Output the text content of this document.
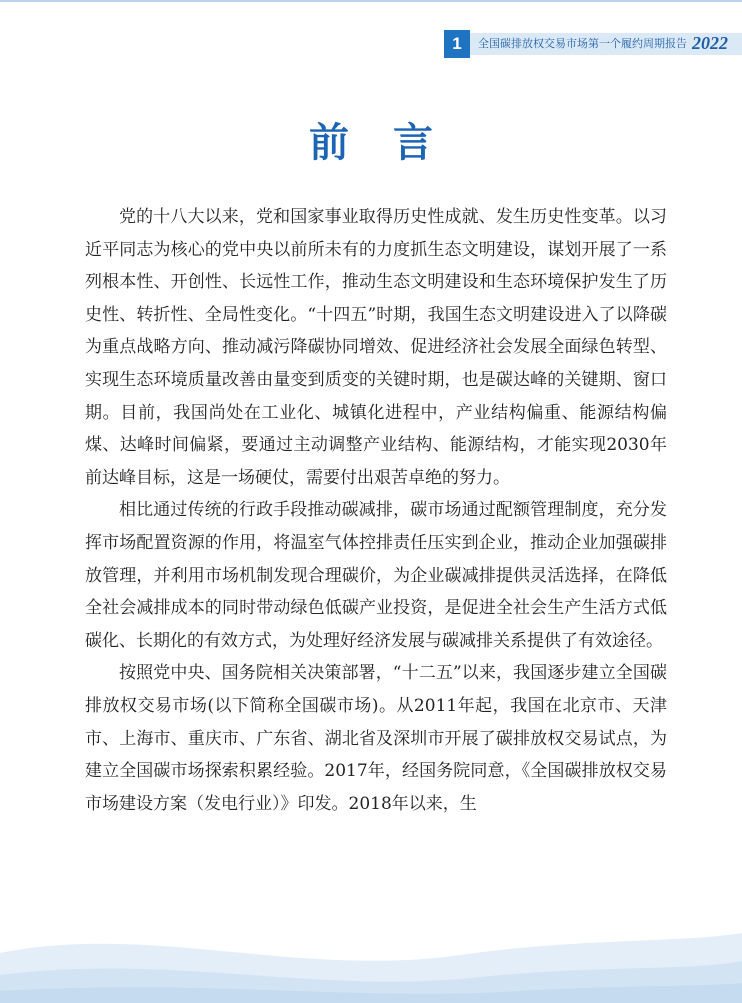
1	全国碳排放权交易市场第一个履约周期报告 2022
前言

党的十八大以来，党和国家事业取得历史性成就、发生历史性变革。以习近平同志为核心的党中央以前所未有的力度抓生态文明建设，谋划开展了一系列根本性、开创性、长远性工作，推动生态文明建设和生态环境保护发生了历史性、转折性、全局性变化。“十四五”时期，我国生态文明建设进入了以降碳为重点战略方向、推动减污降碳协同增效、促进经济社会发展全面绿色转型、实现生态环境质量改善由量变到质变的关键时期，也是碳达峰的关键期、窗口期。目前，我国尚处在工业化、城镇化进程中，产业结构偏重、能源结构偏煤、达峰时间偏紧，要通过主动调整产业结构、能源结构，才能实现2030年前达峰目标，这是一场硬仗，需要付出艰苦卓绝的努力。

相比通过传统的行政手段推动碳减排，碳市场通过配额管理制度，充分发挥市场配置资源的作用，将温室气体控排责任压实到企业，推动企业加强碳排放管理，并利用市场机制发现合理碳价，为企业碳减排提供灵活选择，在降低全社会减排成本的同时带动绿色低碳产业投资，是促进全社会生产生活方式低碳化、长期化的有效方式，为处理好经济发展与碳减排关系提供了有效途径。

按照党中央、国务院相关决策部署，“十二五”以来，我国逐步建立全国碳排放权交易市场(以下简称全国碳市场)。从2011年起，我国在北京市、天津市、上海市、重庆市、广东省、湖北省及深圳市开展了碳排放权交易试点，为建立全国碳市场探索积累经验。2017年，经国务院同意，《全国碳排放权交易市场建设方案（发电行业）》印发。2018年以来，生
